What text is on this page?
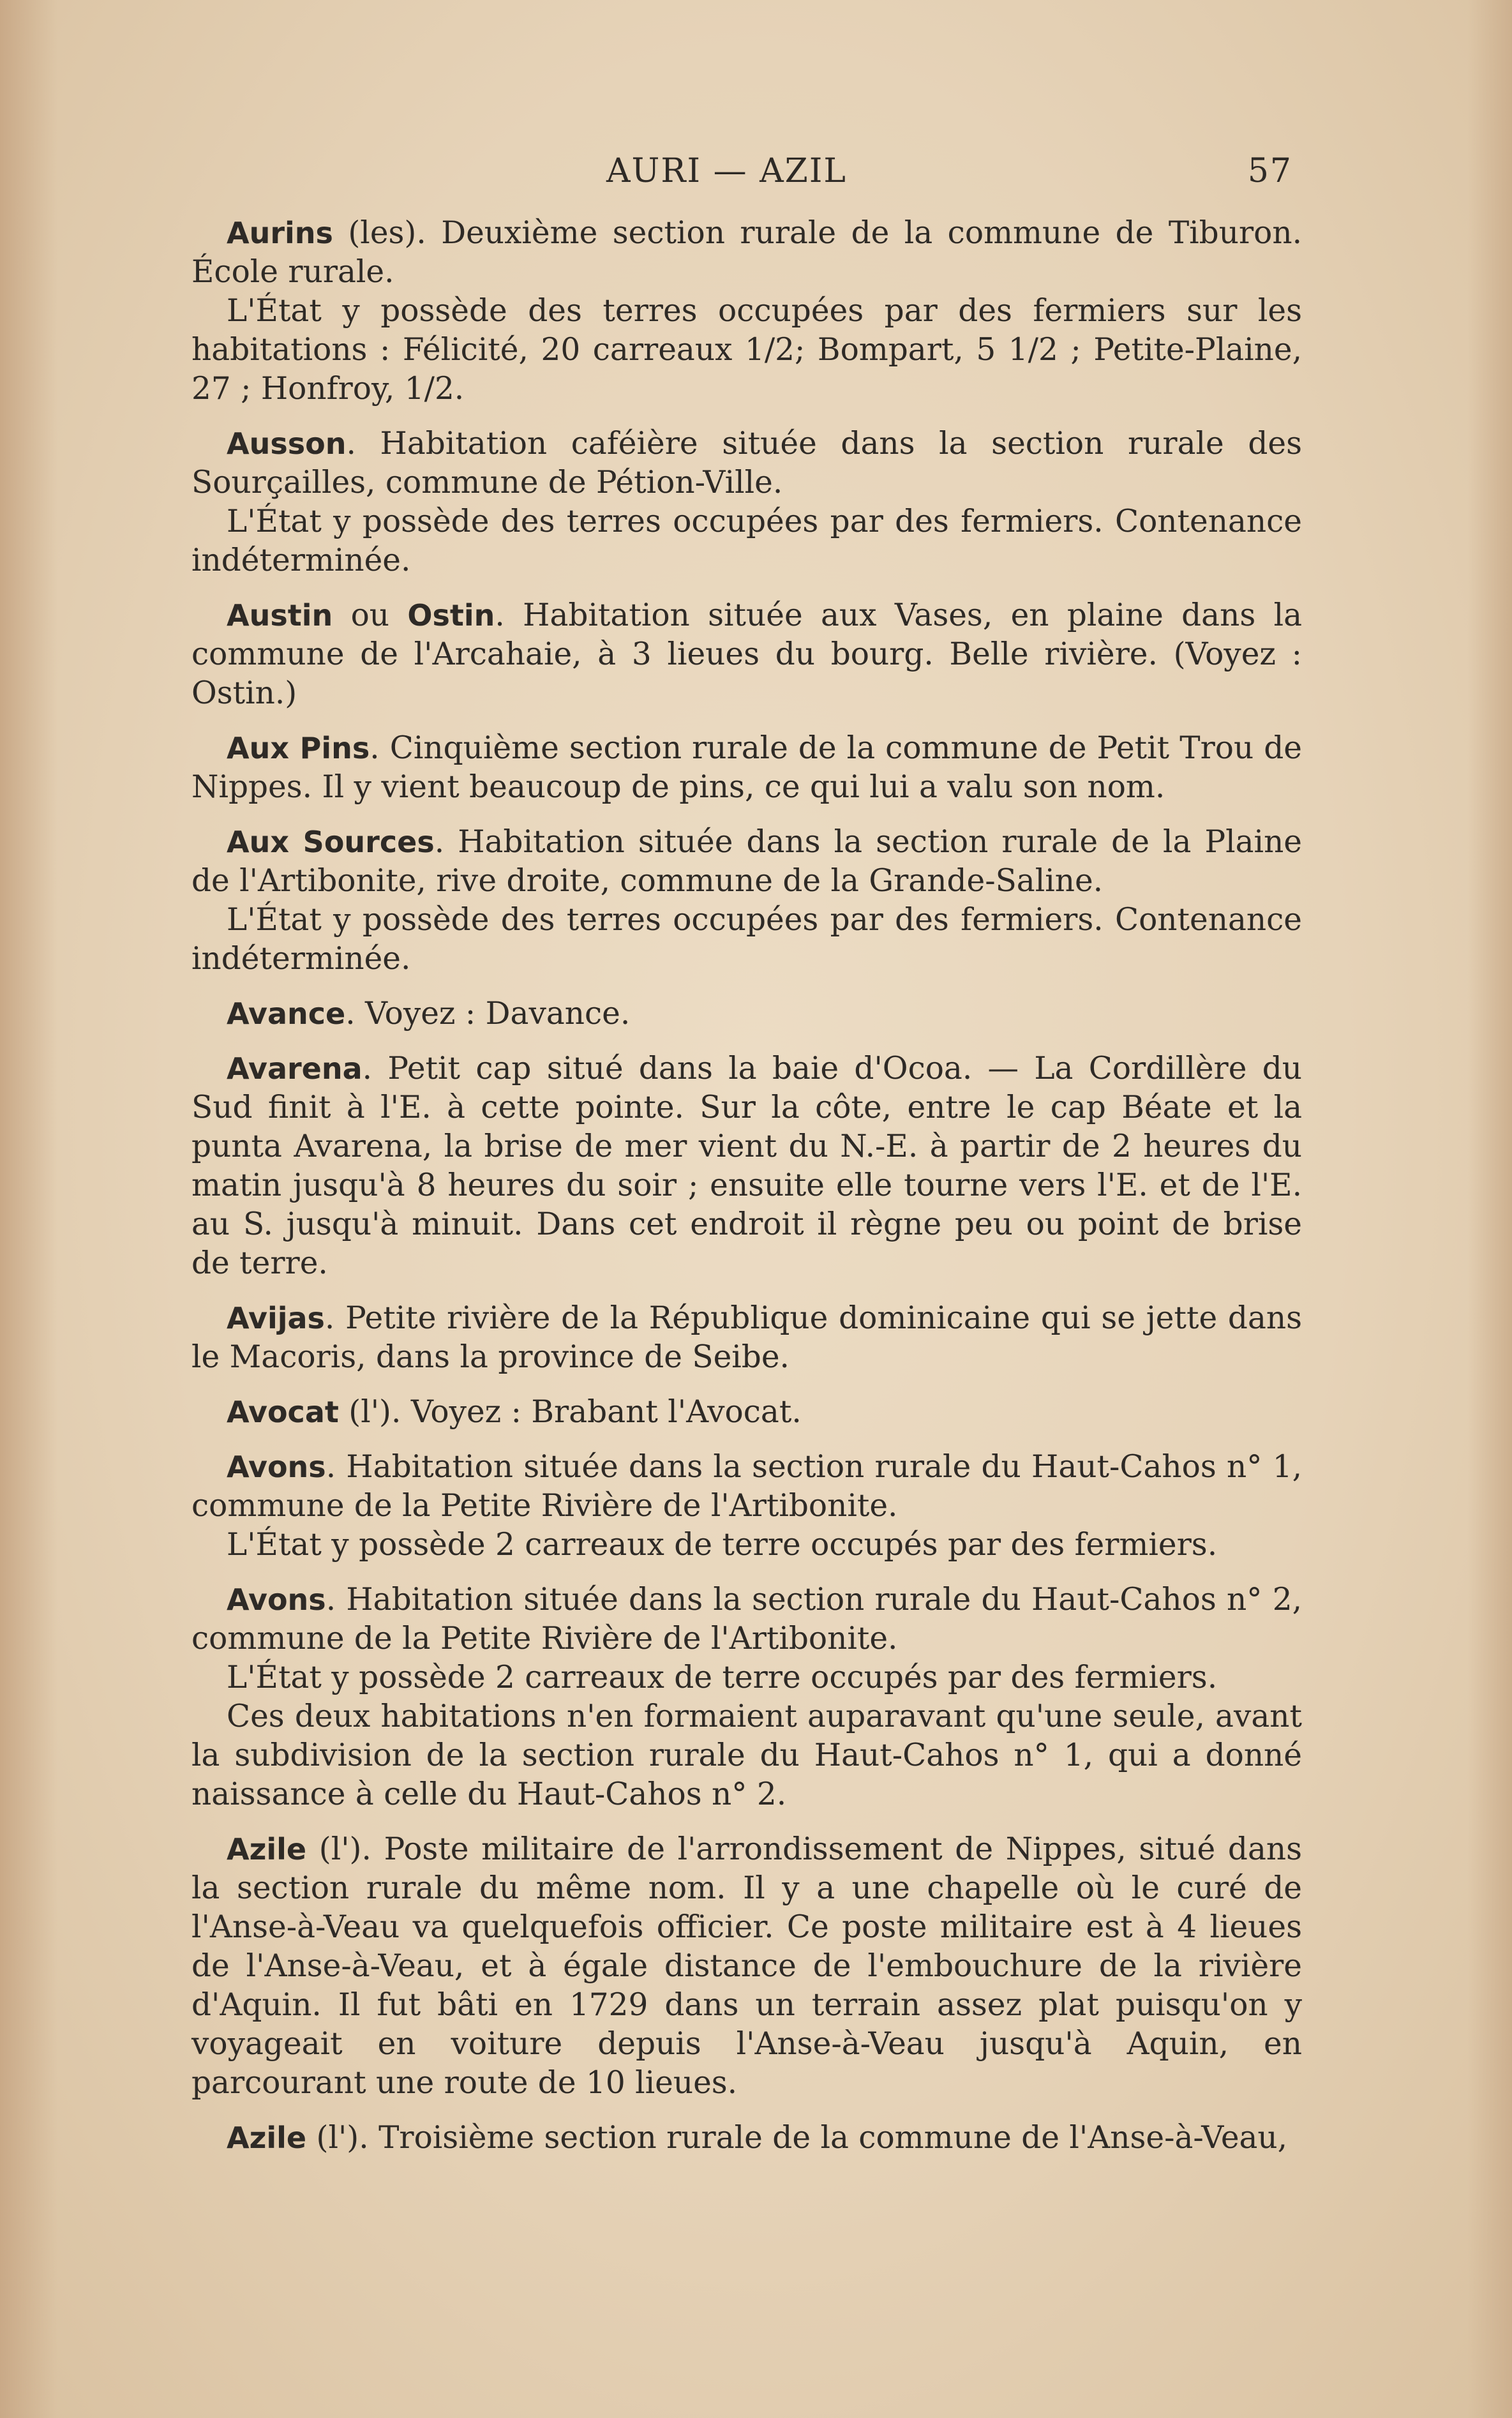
AURI — AZIL	57

Aurins (les). Deuxième section rurale de la commune de Tiburon. École rurale.

L'État y possède des terres occupées par des fermiers sur les habitations : Félicité, 20 carreaux 1/2; Bompart, 5 1/2 ; Petite-Plaine, 27 ; Honfroy, 1/2.

Ausson. Habitation caféière située dans la section rurale des Sourçailles, commune de Pétion-Ville.

L'État y possède des terres occupées par des fermiers. Contenance indéterminée.

Austin ou Ostin. Habitation située aux Vases, en plaine dans la commune de l'Arcahaie, à 3 lieues du bourg. Belle rivière. (Voyez : Ostin.)

Aux Pins. Cinquième section rurale de la commune de Petit Trou de Nippes. Il y vient beaucoup de pins, ce qui lui a valu son nom.

Aux Sources. Habitation située dans la section rurale de la Plaine de l'Artibonite, rive droite, commune de la Grande-Saline.

L'État y possède des terres occupées par des fermiers. Contenance indéterminée.

Avance. Voyez : Davance.

Avarena. Petit cap situé dans la baie d'Ocoa. — La Cordillère du Sud finit à l'E. à cette pointe. Sur la côte, entre le cap Béate et la punta Avarena, la brise de mer vient du N.-E. à partir de 2 heures du matin jusqu'à 8 heures du soir ; ensuite elle tourne vers l'E. et de l'E. au S. jusqu'à minuit. Dans cet endroit il règne peu ou point de brise de terre.

Avijas. Petite rivière de la République dominicaine qui se jette dans le Macoris, dans la province de Seibe.

Avocat (l'). Voyez : Brabant l'Avocat.

Avons. Habitation située dans la section rurale du Haut-Cahos n° 1, commune de la Petite Rivière de l'Artibonite.

L'État y possède 2 carreaux de terre occupés par des fermiers.

Avons. Habitation située dans la section rurale du Haut-Cahos n° 2, commune de la Petite Rivière de l'Artibonite.

L'État y possède 2 carreaux de terre occupés par des fermiers.

Ces deux habitations n'en formaient auparavant qu'une seule, avant la subdivision de la section rurale du Haut-Cahos n° 1, qui a donné naissance à celle du Haut-Cahos n° 2.

Azile (l'). Poste militaire de l'arrondissement de Nippes, situé dans la section rurale du même nom. Il y a une chapelle où le curé de l'Anse-à-Veau va quelquefois officier. Ce poste militaire est à 4 lieues de l'Anse-à-Veau, et à égale distance de l'embouchure de la rivière d'Aquin. Il fut bâti en 1729 dans un terrain assez plat puisqu'on y voyageait en voiture depuis l'Anse-à-Veau jusqu'à Aquin, en parcourant une route de 10 lieues.

Azile (l'). Troisième section rurale de la commune de l'Anse-à-Veau,
